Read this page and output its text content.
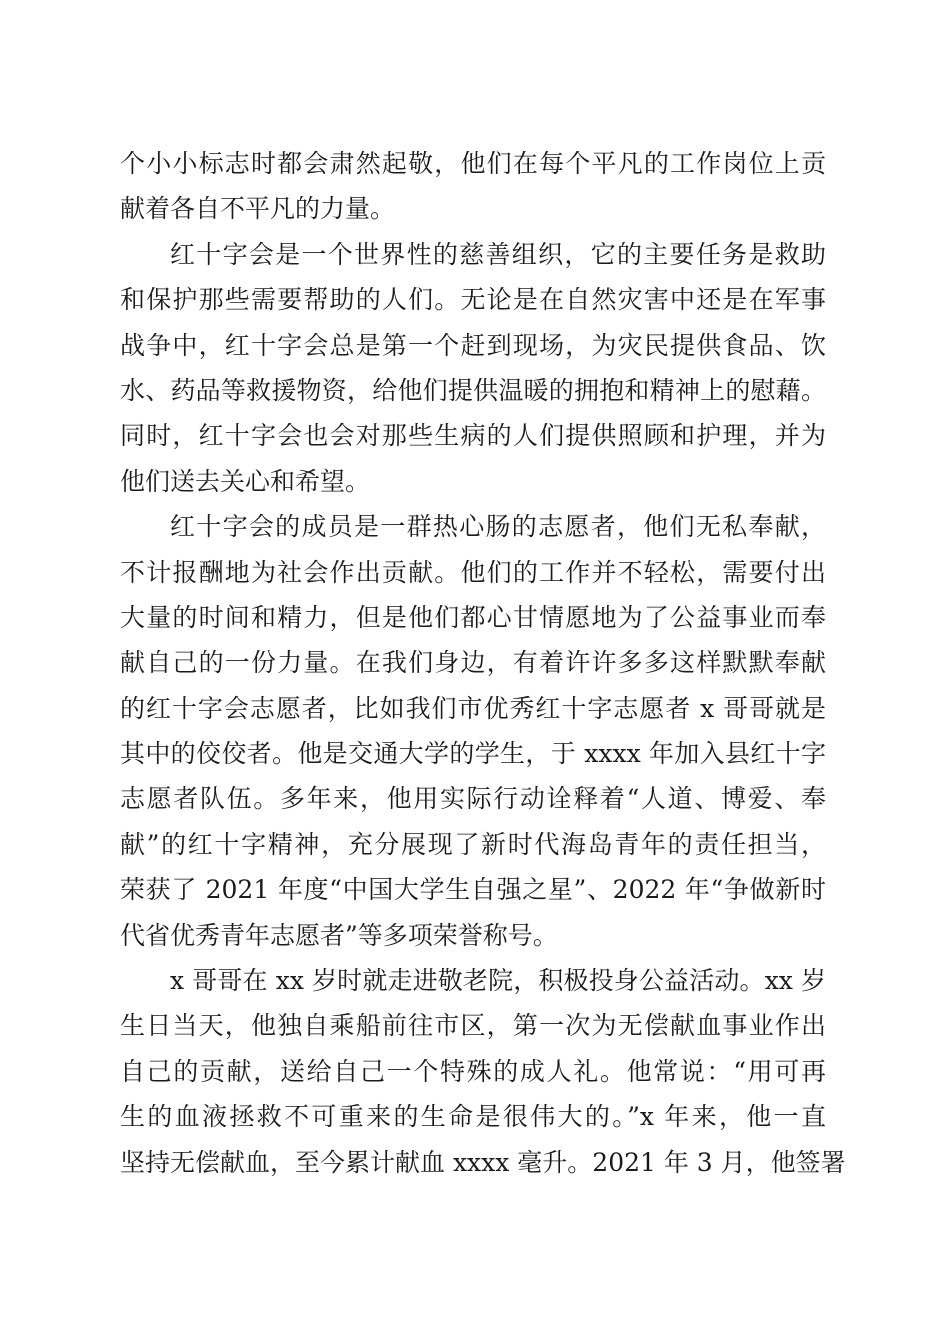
个小小标志时都会肃然起敬，他们在每个平凡的工作岗位上贡
献着各自不平凡的力量。
红十字会是一个世界性的慈善组织，它的主要任务是救助
和保护那些需要帮助的人们。无论是在自然灾害中还是在军事
战争中，红十字会总是第一个赶到现场，为灾民提供食品、饮
水、药品等救援物资，给他们提供温暖的拥抱和精神上的慰藉。
同时，红十字会也会对那些生病的人们提供照顾和护理，并为
他们送去关心和希望。
红十字会的成员是一群热心肠的志愿者，他们无私奉献，
不计报酬地为社会作出贡献。他们的工作并不轻松，需要付出
大量的时间和精力，但是他们都心甘情愿地为了公益事业而奉
献自己的一份力量。在我们身边，有着许许多多这样默默奉献
的红十字会志愿者，比如我们市优秀红十字志愿者 x 哥哥就是
其中的佼佼者。他是交通大学的学生，于 xxxx 年加入县红十字
志愿者队伍。多年来，他用实际行动诠释着“人道、博爱、奉
献”的红十字精神，充分展现了新时代海岛青年的责任担当，
荣获了 2021 年度“中国大学生自强之星”、2022 年“争做新时
代省优秀青年志愿者”等多项荣誉称号。
x 哥哥在 xx 岁时就走进敬老院，积极投身公益活动。xx 岁
生日当天，他独自乘船前往市区，第一次为无偿献血事业作出
自己的贡献，送给自己一个特殊的成人礼。他常说：“用可再
生的血液拯救不可重来的生命是很伟大的。”x 年来，他一直
坚持无偿献血，至今累计献血 xxxx 毫升。2021 年 3 月，他签署
